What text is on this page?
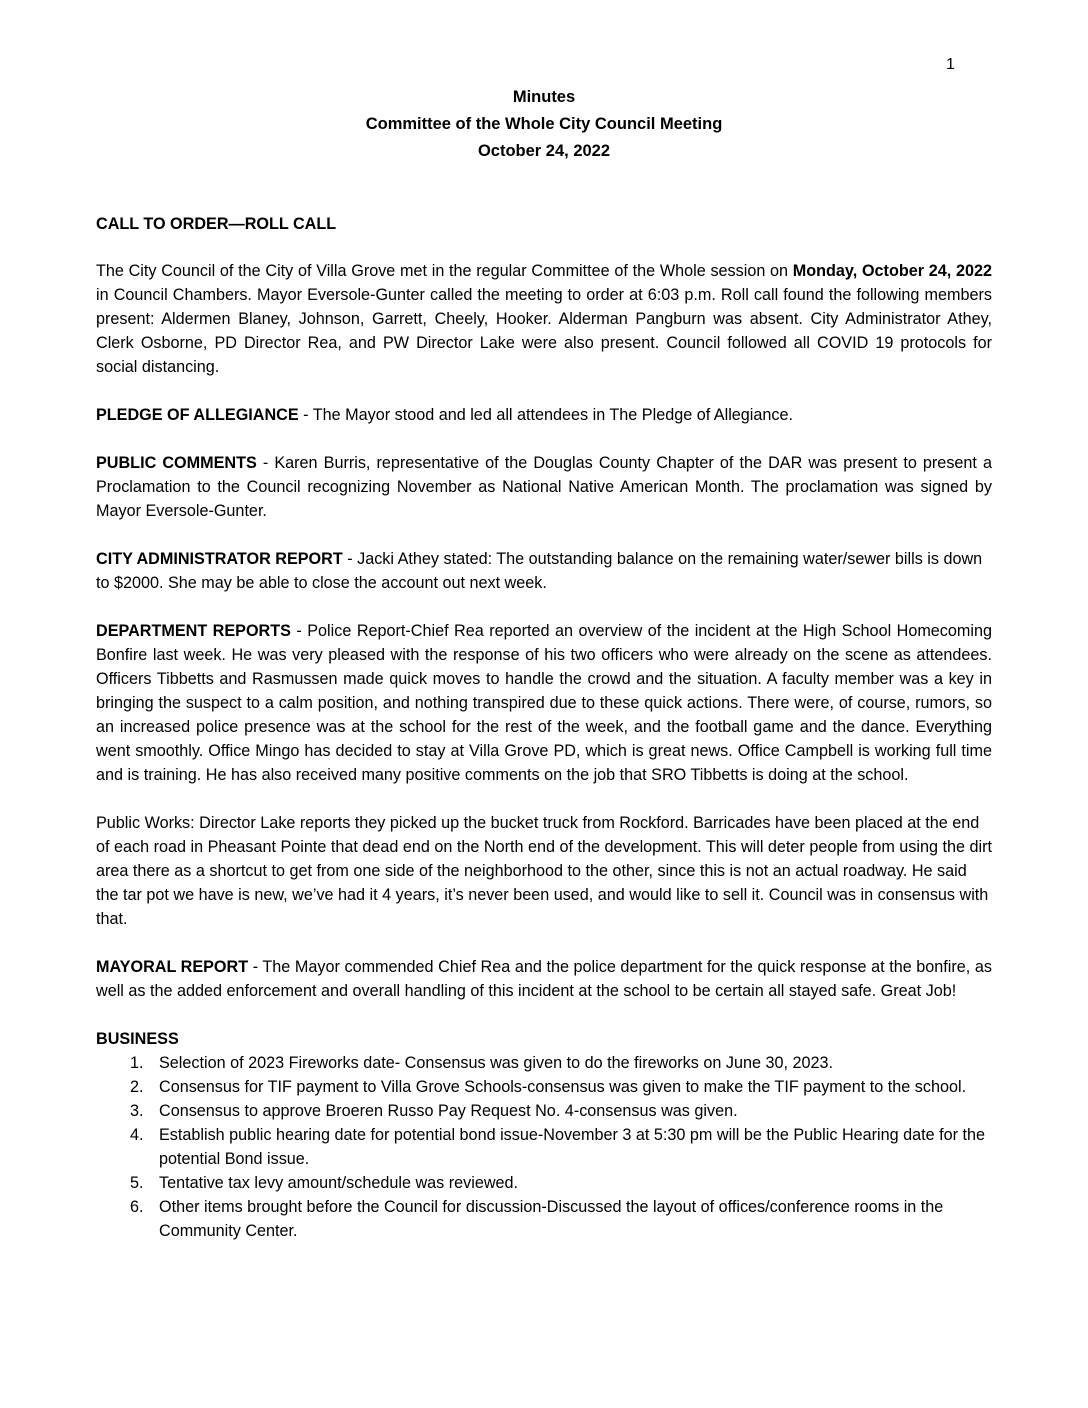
1
Minutes
Committee of the Whole City Council Meeting
October 24, 2022
CALL TO ORDER—ROLL CALL

The City Council of the City of Villa Grove met in the regular Committee of the Whole session on Monday, October 24, 2022 in Council Chambers. Mayor Eversole-Gunter called the meeting to order at 6:03 p.m. Roll call found the following members present: Aldermen Blaney, Johnson, Garrett, Cheely, Hooker. Alderman Pangburn was absent. City Administrator Athey, Clerk Osborne, PD Director Rea, and PW Director Lake were also present. Council followed all COVID 19 protocols for social distancing.

PLEDGE OF ALLEGIANCE - The Mayor stood and led all attendees in The Pledge of Allegiance.

PUBLIC COMMENTS - Karen Burris, representative of the Douglas County Chapter of the DAR was present to present a Proclamation to the Council recognizing November as National Native American Month. The proclamation was signed by Mayor Eversole-Gunter.

CITY ADMINISTRATOR REPORT - Jacki Athey stated: The outstanding balance on the remaining water/sewer bills is down to $2000. She may be able to close the account out next week.

DEPARTMENT REPORTS - Police Report-Chief Rea reported an overview of the incident at the High School Homecoming Bonfire last week. He was very pleased with the response of his two officers who were already on the scene as attendees. Officers Tibbetts and Rasmussen made quick moves to handle the crowd and the situation. A faculty member was a key in bringing the suspect to a calm position, and nothing transpired due to these quick actions. There were, of course, rumors, so an increased police presence was at the school for the rest of the week, and the football game and the dance. Everything went smoothly. Office Mingo has decided to stay at Villa Grove PD, which is great news. Office Campbell is working full time and is training. He has also received many positive comments on the job that SRO Tibbetts is doing at the school.

Public Works: Director Lake reports they picked up the bucket truck from Rockford. Barricades have been placed at the end of each road in Pheasant Pointe that dead end on the North end of the development. This will deter people from using the dirt area there as a shortcut to get from one side of the neighborhood to the other, since this is not an actual roadway. He said the tar pot we have is new, we’ve had it 4 years, it’s never been used, and would like to sell it. Council was in consensus with that.

MAYORAL REPORT - The Mayor commended Chief Rea and the police department for the quick response at the bonfire, as well as the added enforcement and overall handling of this incident at the school to be certain all stayed safe. Great Job!

BUSINESS
1. Selection of 2023 Fireworks date- Consensus was given to do the fireworks on June 30, 2023.
2. Consensus for TIF payment to Villa Grove Schools-consensus was given to make the TIF payment to the school.
3. Consensus to approve Broeren Russo Pay Request No. 4-consensus was given.
4. Establish public hearing date for potential bond issue-November 3 at 5:30 pm will be the Public Hearing date for the potential Bond issue.
5. Tentative tax levy amount/schedule was reviewed.
6. Other items brought before the Council for discussion-Discussed the layout of offices/conference rooms in the Community Center.
